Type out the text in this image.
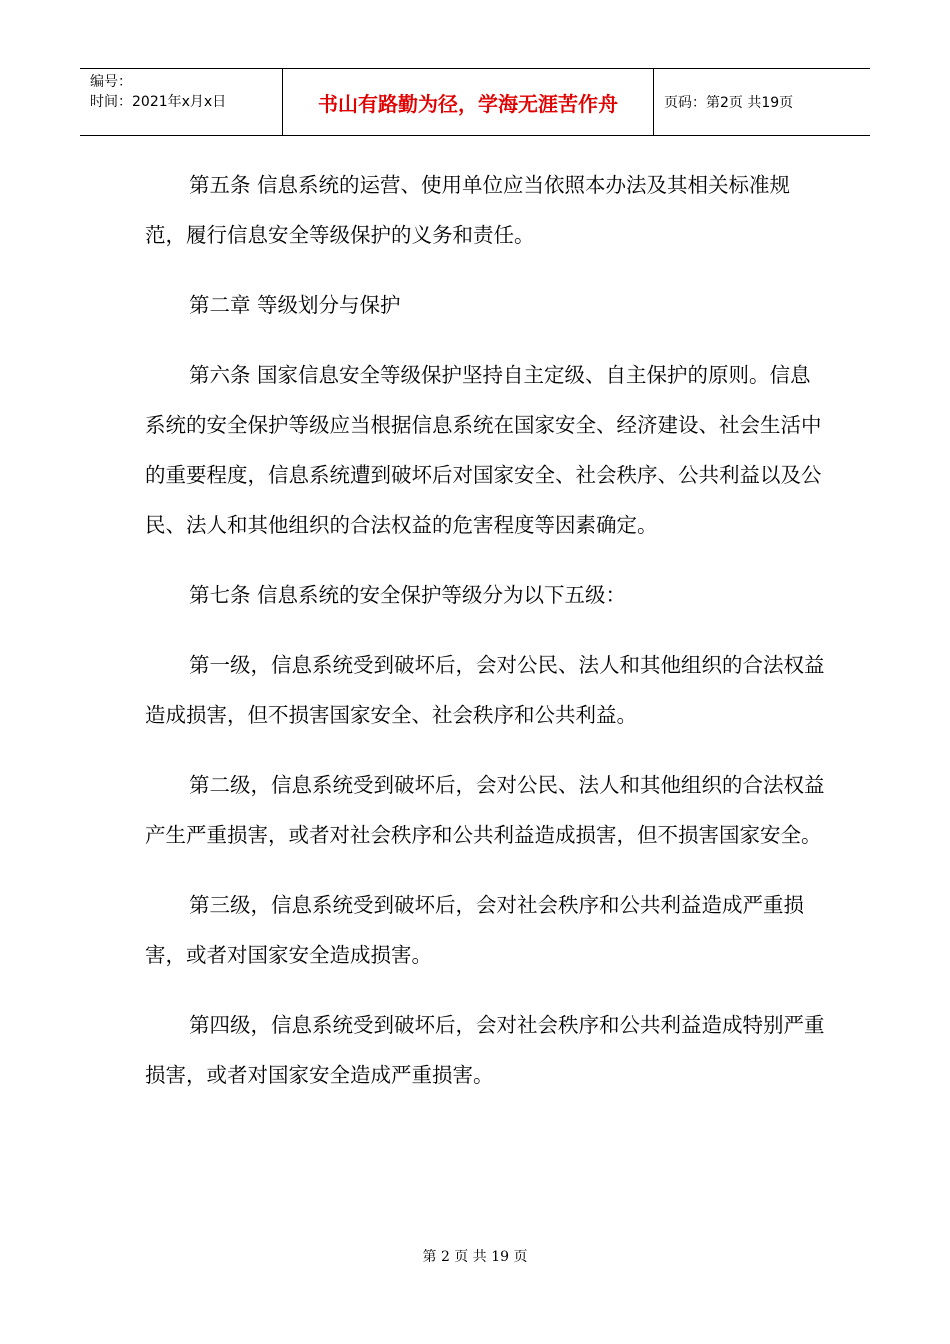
编号：
时间：2021年x月x日	书山有路勤为径，学海无涯苦作舟	页码：第2页 共19页

第五条 信息系统的运营、使用单位应当依照本办法及其相关标准规范，履行信息安全等级保护的义务和责任。

第二章 等级划分与保护

第六条 国家信息安全等级保护坚持自主定级、自主保护的原则。信息系统的安全保护等级应当根据信息系统在国家安全、经济建设、社会生活中的重要程度，信息系统遭到破坏后对国家安全、社会秩序、公共利益以及公民、法人和其他组织的合法权益的危害程度等因素确定。

第七条 信息系统的安全保护等级分为以下五级：

第一级，信息系统受到破坏后，会对公民、法人和其他组织的合法权益造成损害，但不损害国家安全、社会秩序和公共利益。

第二级，信息系统受到破坏后，会对公民、法人和其他组织的合法权益产生严重损害，或者对社会秩序和公共利益造成损害，但不损害国家安全。

第三级，信息系统受到破坏后，会对社会秩序和公共利益造成严重损害，或者对国家安全造成损害。

第四级，信息系统受到破坏后，会对社会秩序和公共利益造成特别严重损害，或者对国家安全造成严重损害。

第 2 页 共 19 页
